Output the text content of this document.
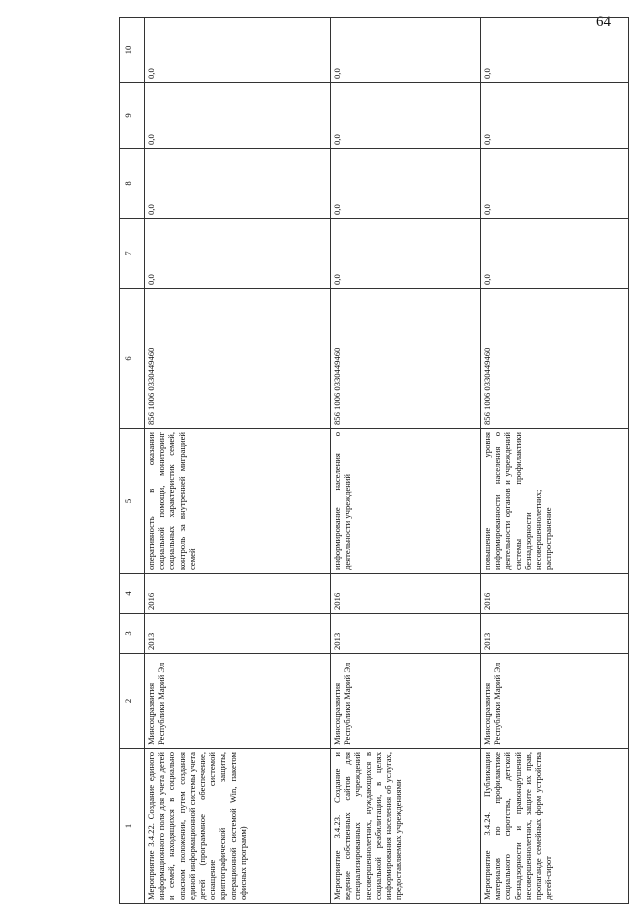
64
1	2	3	4	5	6	7	8	9	10
Мероприятие 3.4.22. Создание единого информационного поля для учета детей и семей, находящихся в социально опасном положении, путем создания единой информационной системы учета детей (программное обеспечение, оснащение системой криптографической защиты, операционной системой Win, пакетом офисных программ)	Минсоцразвития Республики Марий Эл	2013	2016	оперативность в оказании социальной помощи, мониторинг социальных характеристик семей, контроль за внутренней миграцией семей	856 1006 0330449460	0,0	0,0	0,0	0,0
Мероприятие 3.4.23. Создание и ведение собственных сайтов для специализированных учреждений несовершеннолетних, нуждающихся в социальной реабилитации, в целях информирования населения об услугах, предоставляемых учреждениями	Минсоцразвития Республики Марий Эл	2013	2016	информирование населения о деятельности учреждений	856 1006 0330449460	0,0	0,0	0,0	0,0
Мероприятие 3.4.24. Публикации материалов по профилактике социального сиротства, детской безнадзорности и правонарушений несовершеннолетних, защите их прав, пропаганде семейных форм устройства детей-сирот	Минсоцразвития Республики Марий Эл	2013	2016	повышение уровня информированности населения о деятельности органов и учреждений системы профилактики безнадзорности несовершеннолетних; распространение	856 1006 0330449460	0,0	0,0	0,0	0,0
